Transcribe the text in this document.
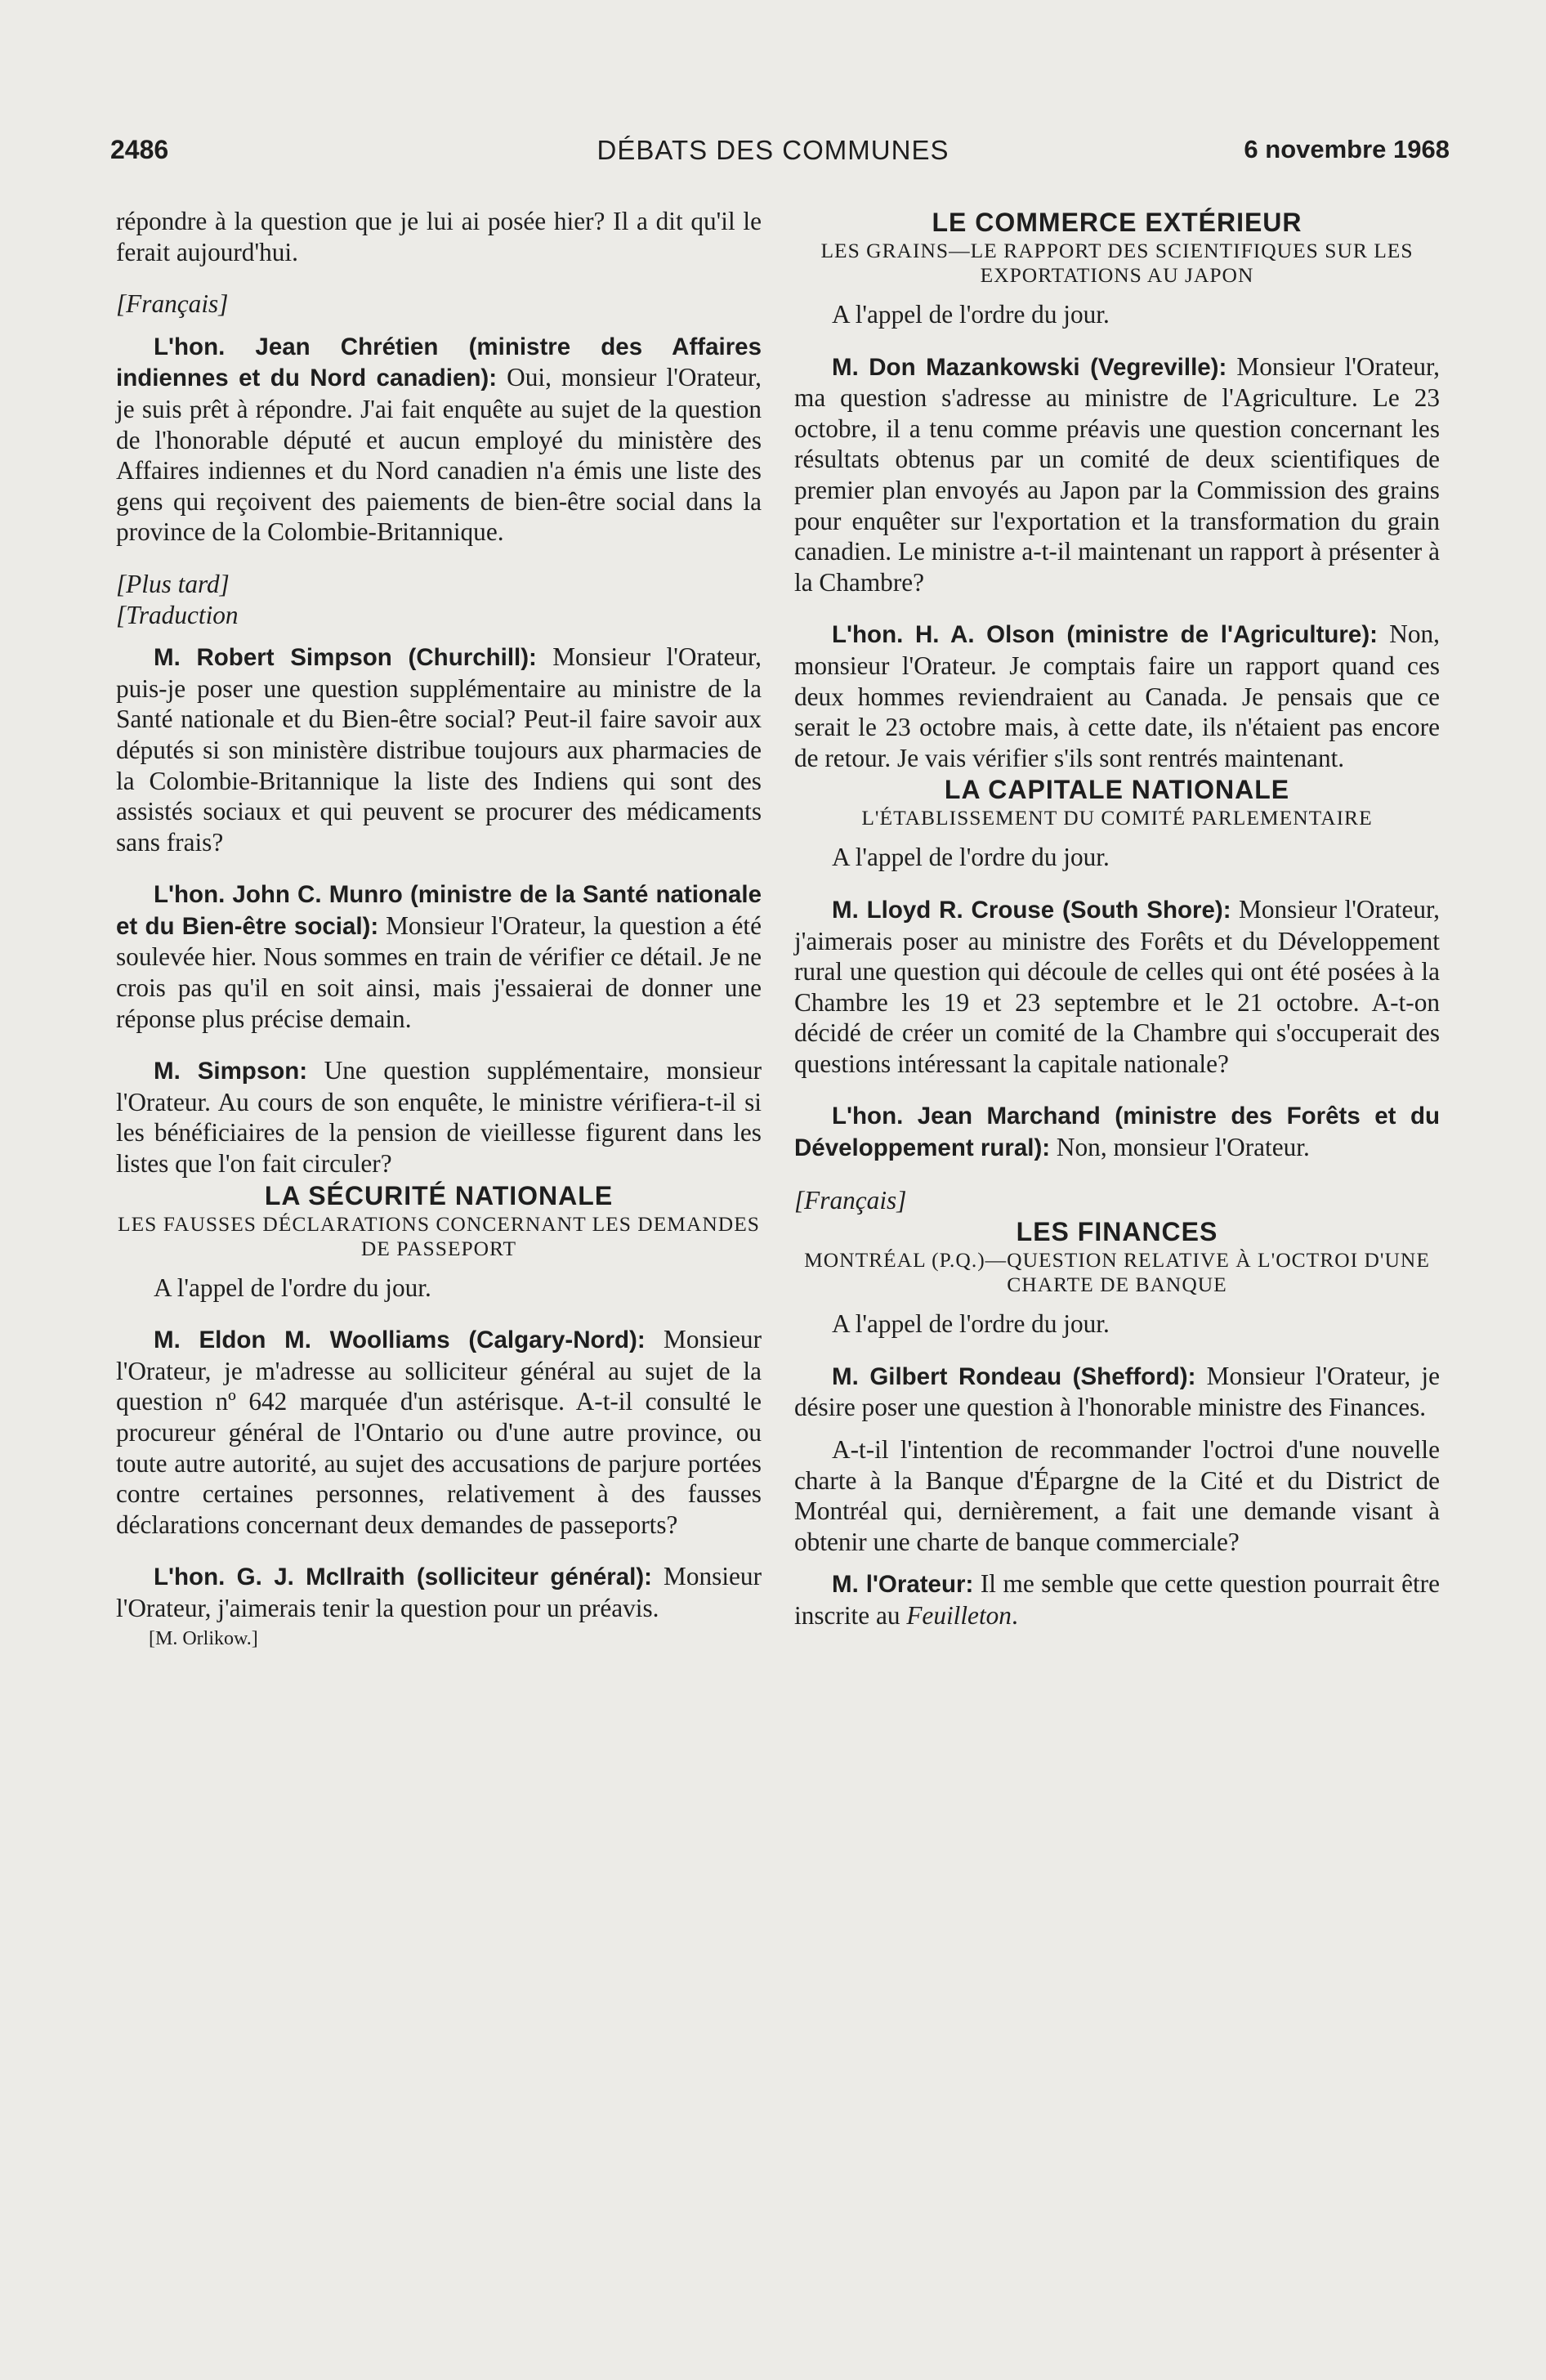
2486	DÉBATS DES COMMUNES	6 novembre 1968

répondre à la question que je lui ai posée hier? Il a dit qu'il le ferait aujourd'hui.

[Français]

L'hon. Jean Chrétien (ministre des Affaires indiennes et du Nord canadien): Oui, monsieur l'Orateur, je suis prêt à répondre. J'ai fait enquête au sujet de la question de l'honorable député et aucun employé du ministère des Affaires indiennes et du Nord canadien n'a émis une liste des gens qui reçoivent des paiements de bien-être social dans la province de la Colombie-Britannique.

[Plus tard]

[Traduction

M. Robert Simpson (Churchill): Monsieur l'Orateur, puis-je poser une question supplémentaire au ministre de la Santé nationale et du Bien-être social? Peut-il faire savoir aux députés si son ministère distribue toujours aux pharmacies de la Colombie-Britannique la liste des Indiens qui sont des assistés sociaux et qui peuvent se procurer des médicaments sans frais?

L'hon. John C. Munro (ministre de la Santé nationale et du Bien-être social): Monsieur l'Orateur, la question a été soulevée hier. Nous sommes en train de vérifier ce détail. Je ne crois pas qu'il en soit ainsi, mais j'essaierai de donner une réponse plus précise demain.

M. Simpson: Une question supplémentaire, monsieur l'Orateur. Au cours de son enquête, le ministre vérifiera-t-il si les bénéficiaires de la pension de vieillesse figurent dans les listes que l'on fait circuler?

LA SÉCURITÉ NATIONALE

LES FAUSSES DÉCLARATIONS CONCERNANT LES DEMANDES DE PASSEPORT

A l'appel de l'ordre du jour.

M. Eldon M. Woolliams (Calgary-Nord): Monsieur l'Orateur, je m'adresse au solliciteur général au sujet de la question nº 642 marquée d'un astérisque. A-t-il consulté le procureur général de l'Ontario ou d'une autre province, ou toute autre autorité, au sujet des accusations de parjure portées contre certaines personnes, relativement à des fausses déclarations concernant deux demandes de passeports?

L'hon. G. J. McIlraith (solliciteur général): Monsieur l'Orateur, j'aimerais tenir la question pour un préavis.

[M. Orlikow.]

LE COMMERCE EXTÉRIEUR

LES GRAINS—LE RAPPORT DES SCIENTIFIQUES SUR LES EXPORTATIONS AU JAPON

A l'appel de l'ordre du jour.

M. Don Mazankowski (Vegreville): Monsieur l'Orateur, ma question s'adresse au ministre de l'Agriculture. Le 23 octobre, il a tenu comme préavis une question concernant les résultats obtenus par un comité de deux scientifiques de premier plan envoyés au Japon par la Commission des grains pour enquêter sur l'exportation et la transformation du grain canadien. Le ministre a-t-il maintenant un rapport à présenter à la Chambre?

L'hon. H. A. Olson (ministre de l'Agriculture): Non, monsieur l'Orateur. Je comptais faire un rapport quand ces deux hommes reviendraient au Canada. Je pensais que ce serait le 23 octobre mais, à cette date, ils n'étaient pas encore de retour. Je vais vérifier s'ils sont rentrés maintenant.

LA CAPITALE NATIONALE

L'ÉTABLISSEMENT DU COMITÉ PARLEMENTAIRE

A l'appel de l'ordre du jour.

M. Lloyd R. Crouse (South Shore): Monsieur l'Orateur, j'aimerais poser au ministre des Forêts et du Développement rural une question qui découle de celles qui ont été posées à la Chambre les 19 et 23 septembre et le 21 octobre. A-t-on décidé de créer un comité de la Chambre qui s'occuperait des questions intéressant la capitale nationale?

L'hon. Jean Marchand (ministre des Forêts et du Développement rural): Non, monsieur l'Orateur.

[Français]

LES FINANCES

MONTRÉAL (P.Q.)—QUESTION RELATIVE À L'OCTROI D'UNE CHARTE DE BANQUE

A l'appel de l'ordre du jour.

M. Gilbert Rondeau (Shefford): Monsieur l'Orateur, je désire poser une question à l'honorable ministre des Finances.

A-t-il l'intention de recommander l'octroi d'une nouvelle charte à la Banque d'Épargne de la Cité et du District de Montréal qui, dernièrement, a fait une demande visant à obtenir une charte de banque commerciale?

M. l'Orateur: Il me semble que cette question pourrait être inscrite au Feuilleton.
